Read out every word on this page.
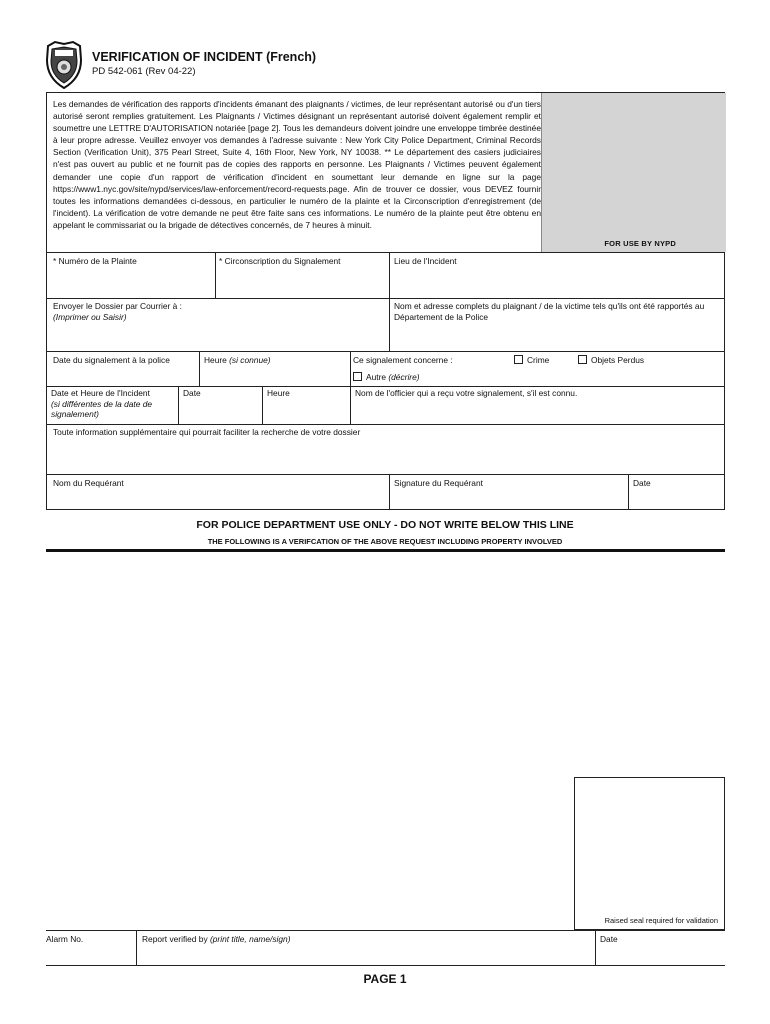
VERIFICATION OF INCIDENT (French)
PD 542-061 (Rev 04-22)
Les demandes de vérification des rapports d'incidents émanant des plaignants / victimes, de leur représentant autorisé ou d'un tiers autorisé seront remplies gratuitement. Les Plaignants / Victimes désignant un représentant autorisé doivent également remplir et soumettre une LETTRE D'AUTORISATION notariée [page 2]. Tous les demandeurs doivent joindre une enveloppe timbrée destinée à leur propre adresse. Veuillez envoyer vos demandes à l'adresse suivante : New York City Police Department, Criminal Records Section (Verification Unit), 375 Pearl Street, Suite 4, 16th Floor, New York, NY 10038. ** Le département des casiers judiciaires n'est pas ouvert au public et ne fournit pas de copies des rapports en personne. Les Plaignants / Victimes peuvent également demander une copie d'un rapport de vérification d'incident en soumettant leur demande en ligne sur la page https://www1.nyc.gov/site/nypd/services/law-enforcement/record-requests.page. Afin de trouver ce dossier, vous DEVEZ fournir toutes les informations demandées ci-dessous, en particulier le numéro de la plainte et la Circonscription d'enregistrement (de l'incident). La vérification de votre demande ne peut être faite sans ces informations. Le numéro de la plainte peut être obtenu en appelant le commissariat ou la brigade de détectives concernés, de 7 heures à minuit.
FOR USE BY NYPD
* Numéro de la Plainte	* Circonscription du Signalement	Lieu de l'Incident
Envoyer le Dossier par Courrier à :
(Imprimer ou Saisir)
Nom et adresse complets du plaignant / de la victime tels qu'ils ont été rapportés au Département de la Police
Date du signalement à la police	Heure (si connue)	Ce signalement concerne :	Crime	Objets Perdus
Autre (décrire)
Date et Heure de l'Incident
(si différentes de la date de signalement)
Date	Heure	Nom de l'officier qui a reçu votre signalement, s'il est connu.
Toute information supplémentaire qui pourrait faciliter la recherche de votre dossier
Nom du Requérant	Signature du Requérant	Date
FOR POLICE DEPARTMENT USE ONLY - DO NOT WRITE BELOW THIS LINE
THE FOLLOWING IS A VERIFCATION OF THE ABOVE REQUEST INCLUDING PROPERTY INVOLVED
Raised seal required for validation
Alarm No.	Report verified by (print title, name/sign)	Date
PAGE 1
